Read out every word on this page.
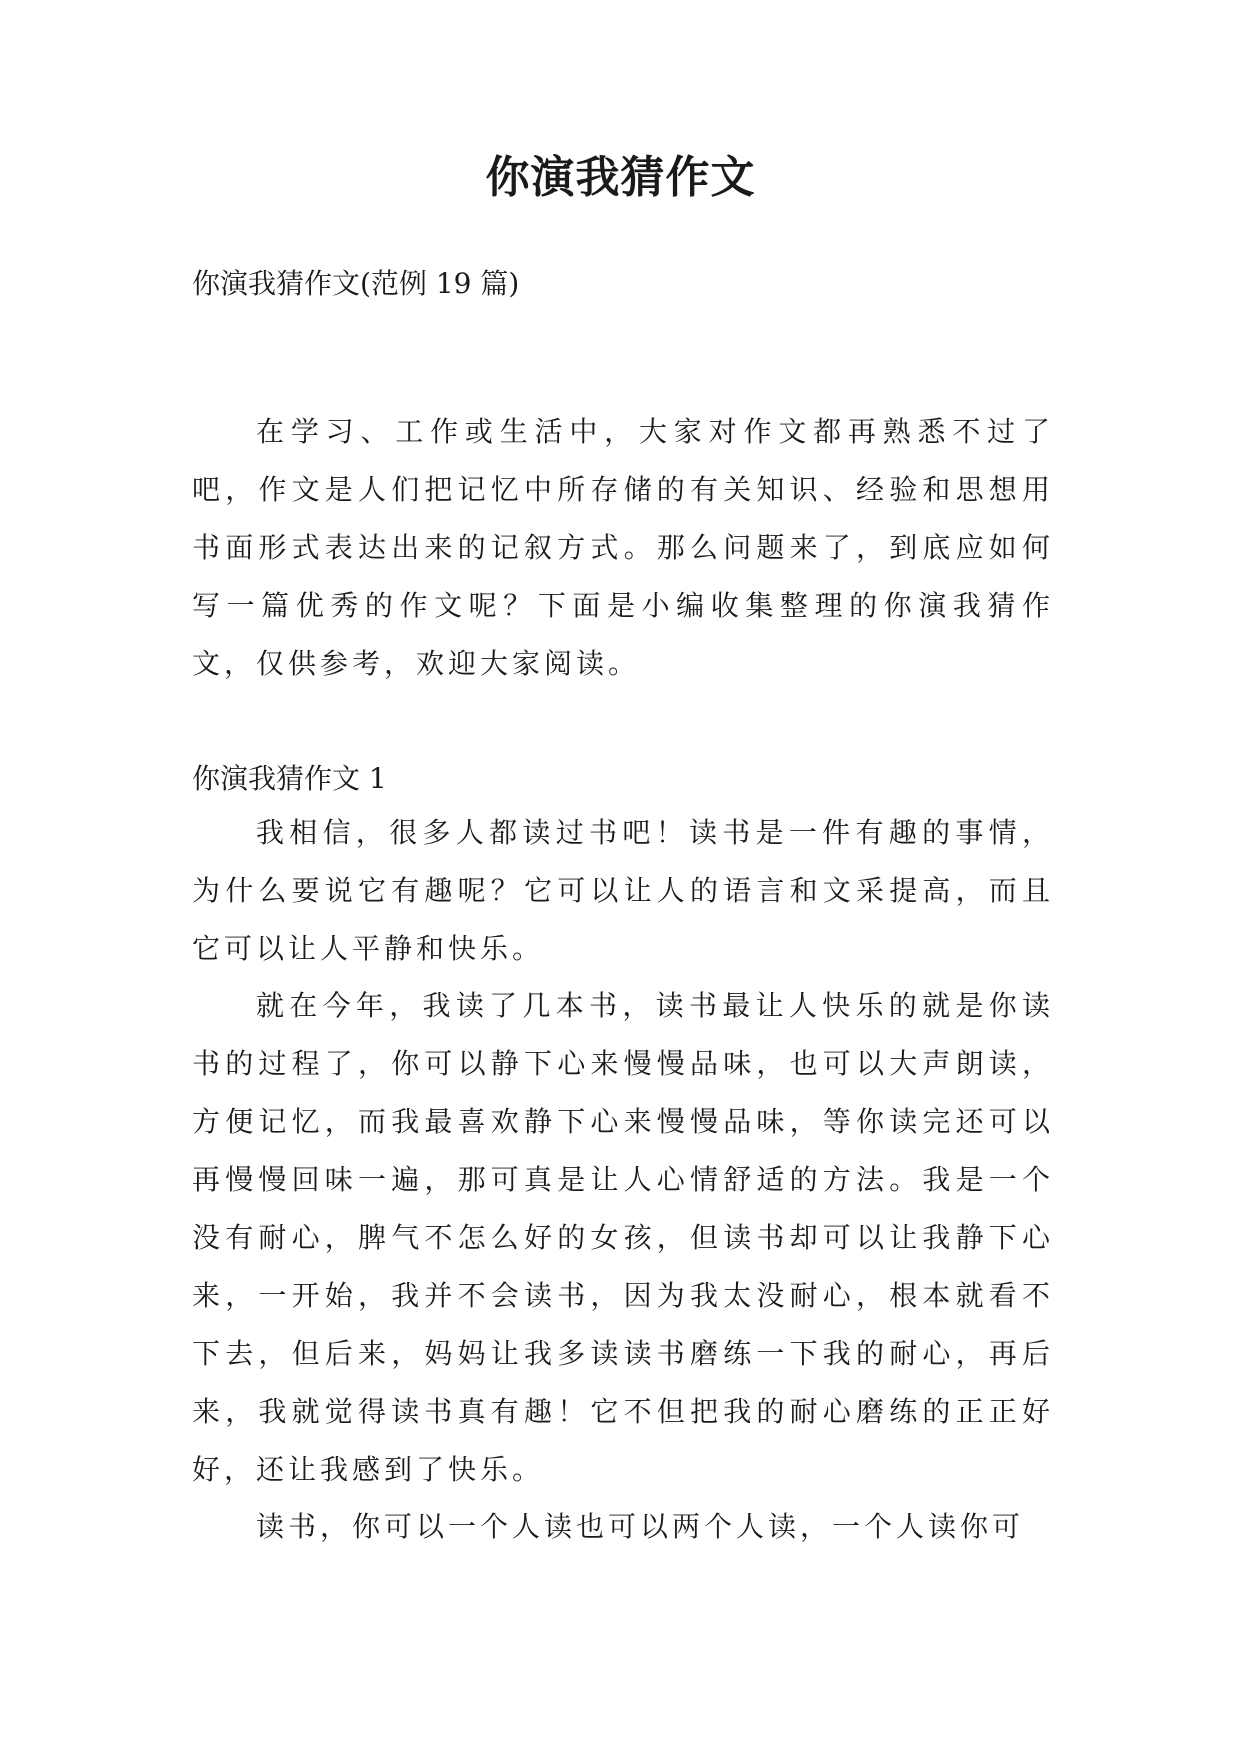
你演我猜作文

你演我猜作文(范例 19 篇)

在学习、工作或生活中，大家对作文都再熟悉不过了吧，作文是人们把记忆中所存储的有关知识、经验和思想用书面形式表达出来的记叙方式。那么问题来了，到底应如何写一篇优秀的作文呢？下面是小编收集整理的你演我猜作文，仅供参考，欢迎大家阅读。

你演我猜作文 1

我相信，很多人都读过书吧！读书是一件有趣的事情，为什么要说它有趣呢？它可以让人的语言和文采提高，而且它可以让人平静和快乐。

就在今年，我读了几本书，读书最让人快乐的就是你读书的过程了，你可以静下心来慢慢品味，也可以大声朗读，方便记忆，而我最喜欢静下心来慢慢品味，等你读完还可以再慢慢回味一遍，那可真是让人心情舒适的方法。我是一个没有耐心，脾气不怎么好的女孩，但读书却可以让我静下心来，一开始，我并不会读书，因为我太没耐心，根本就看不下去，但后来，妈妈让我多读读书磨练一下我的耐心，再后来，我就觉得读书真有趣！它不但把我的耐心磨练的正正好好，还让我感到了快乐。

读书，你可以一个人读也可以两个人读，一个人读你可
